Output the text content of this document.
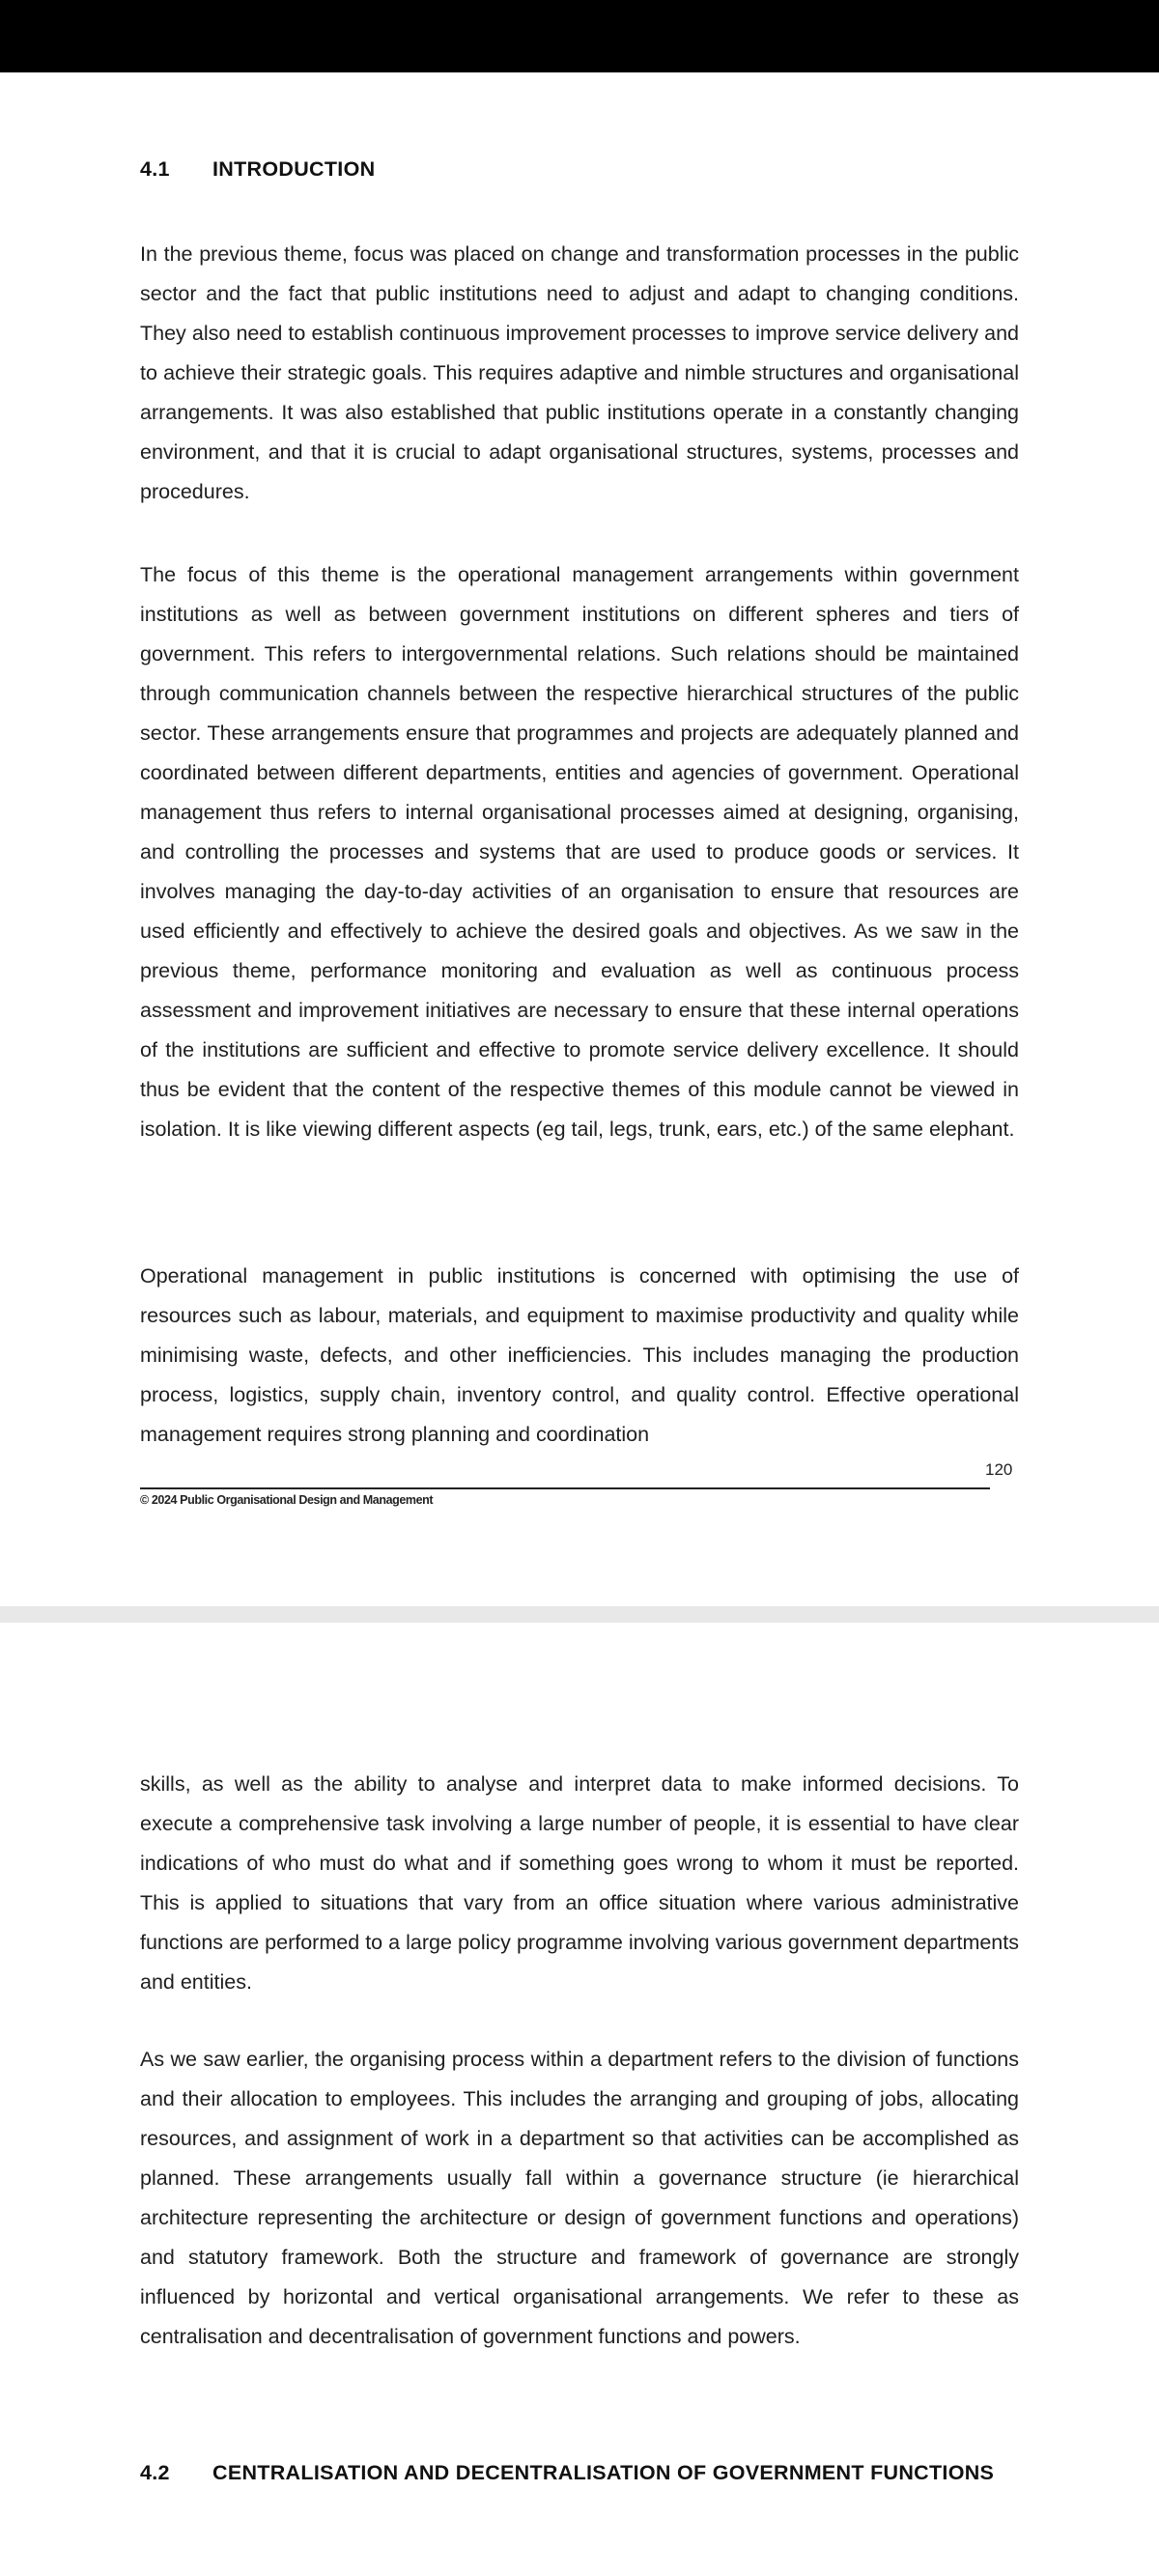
4.1	INTRODUCTION

In the previous theme, focus was placed on change and transformation processes in the public sector and the fact that public institutions need to adjust and adapt to changing conditions. They also need to establish continuous improvement processes to improve service delivery and to achieve their strategic goals. This requires adaptive and nimble structures and organisational arrangements. It was also established that public institutions operate in a constantly changing environment, and that it is crucial to adapt organisational structures, systems, processes and procedures.

The focus of this theme is the operational management arrangements within government institutions as well as between government institutions on different spheres and tiers of government. This refers to intergovernmental relations. Such relations should be maintained through communication channels between the respective hierarchical structures of the public sector. These arrangements ensure that programmes and projects are adequately planned and coordinated between different departments, entities and agencies of government. Operational management thus refers to internal organisational processes aimed at designing, organising, and controlling the processes and systems that are used to produce goods or services. It involves managing the day-to-day activities of an organisation to ensure that resources are used efficiently and effectively to achieve the desired goals and objectives. As we saw in the previous theme, performance monitoring and evaluation as well as continuous process assessment and improvement initiatives are necessary to ensure that these internal operations of the institutions are sufficient and effective to promote service delivery excellence. It should thus be evident that the content of the respective themes of this module cannot be viewed in isolation. It is like viewing different aspects (eg tail, legs, trunk, ears, etc.) of the same elephant.

Operational management in public institutions is concerned with optimising the use of resources such as labour, materials, and equipment to maximise productivity and quality while minimising waste, defects, and other inefficiencies. This includes managing the production process, logistics, supply chain, inventory control, and quality control. Effective operational management requires strong planning and coordination

120
© 2024 Public Organisational Design and Management

skills, as well as the ability to analyse and interpret data to make informed decisions. To execute a comprehensive task involving a large number of people, it is essential to have clear indications of who must do what and if something goes wrong to whom it must be reported. This is applied to situations that vary from an office situation where various administrative functions are performed to a large policy programme involving various government departments and entities.

As we saw earlier, the organising process within a department refers to the division of functions and their allocation to employees. This includes the arranging and grouping of jobs, allocating resources, and assignment of work in a department so that activities can be accomplished as planned. These arrangements usually fall within a governance structure (ie hierarchical architecture representing the architecture or design of government functions and operations) and statutory framework. Both the structure and framework of governance are strongly influenced by horizontal and vertical organisational arrangements. We refer to these as centralisation and decentralisation of government functions and powers.

4.2	CENTRALISATION AND DECENTRALISATION OF GOVERNMENT FUNCTIONS
